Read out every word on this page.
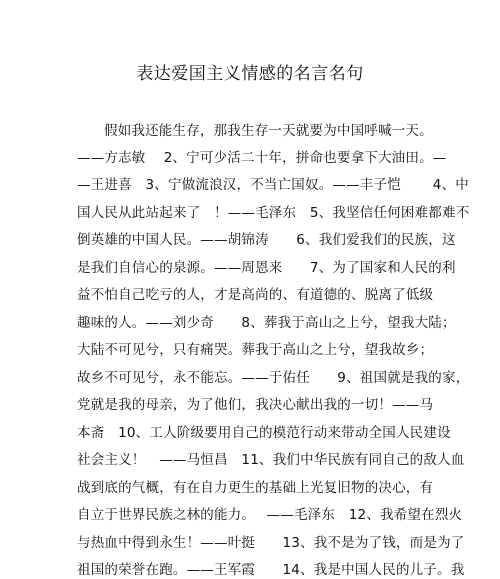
表达爱国主义情感的名言名句
假如我还能生存，那我生存一天就要为中国呼喊一天。
——方志敏　 2、宁可少活二十年，拼命也要拿下大油田。—
—王进喜　3、宁做流浪汉，不当亡国奴。——丰子恺　　 4、中
国人民从此站起来了　！——毛泽东　5、我坚信任何困难都难不
倒英雄的中国人民。——胡锦涛　　6、我们爱我们的民族，这
是我们自信心的泉源。——周恩来　　7、为了国家和人民的利
益不怕自己吃亏的人，才是高尚的、有道德的、脱离了低级
趣味的人。——刘少奇　　8、葬我于高山之上兮，望我大陆；
大陆不可见兮，只有痛哭。葬我于高山之上兮，望我故乡；
故乡不可见兮，永不能忘。——于佑任　　9、祖国就是我的家，
党就是我的母亲，为了他们，我决心献出我的一切！——马
本斋　10、工人阶级要用自己的模范行动来带动全国人民建设
社会主义！　——马恒昌　11、我们中华民族有同自己的敌人血
战到底的气概，有在自力更生的基础上光复旧物的决心，有
自立于世界民族之林的能力。　 ——毛泽东　12、我希望在烈火
与热血中得到永生！——叶挺　　13、我不是为了钱，而是为了
祖国的荣誉在跑。——王军霞　　14、我是中国人民的儿子。我
